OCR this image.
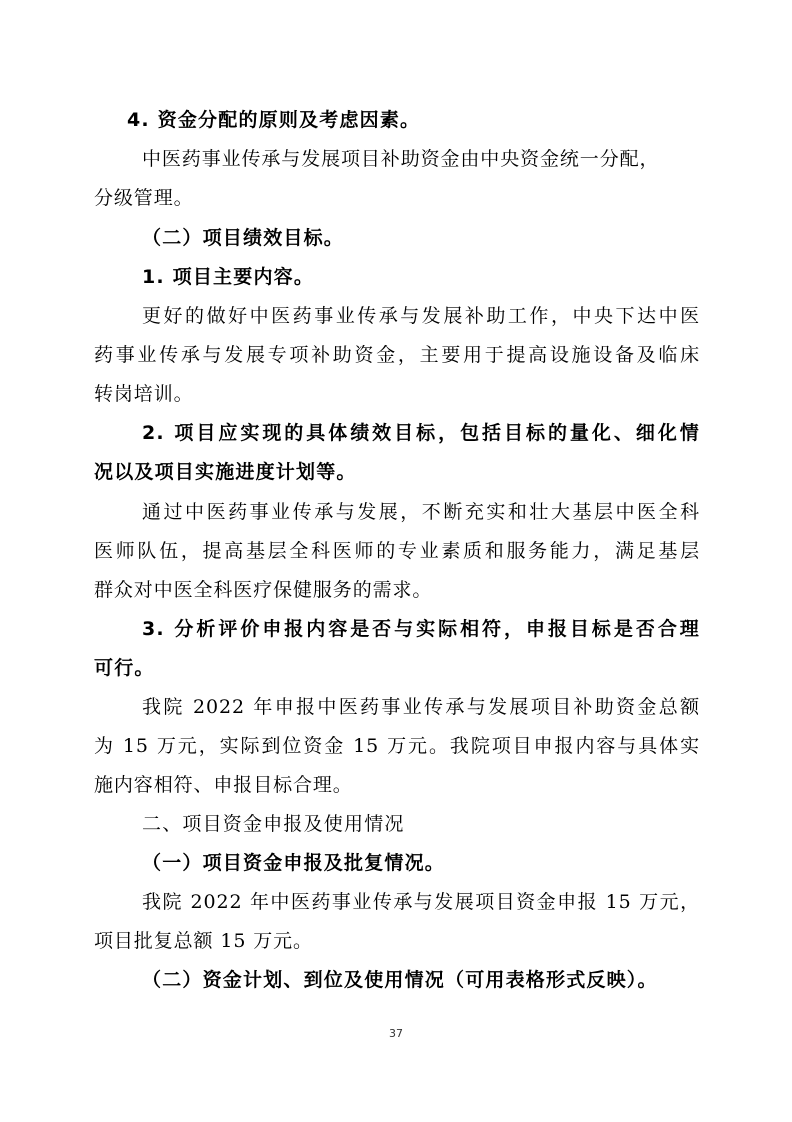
4. 资金分配的原则及考虑因素。
中医药事业传承与发展项目补助资金由中央资金统一分配，
分级管理。
（二）项目绩效目标。
1. 项目主要内容。
更好的做好中医药事业传承与发展补助工作，中央下达中医
药事业传承与发展专项补助资金，主要用于提高设施设备及临床
转岗培训。
2. 项目应实现的具体绩效目标，包括目标的量化、细化情
况以及项目实施进度计划等。
通过中医药事业传承与发展，不断充实和壮大基层中医全科
医师队伍，提高基层全科医师的专业素质和服务能力，满足基层
群众对中医全科医疗保健服务的需求。
3. 分析评价申报内容是否与实际相符，申报目标是否合理
可行。
我院 2022 年申报中医药事业传承与发展项目补助资金总额
为 15 万元，实际到位资金 15 万元。我院项目申报内容与具体实
施内容相符、申报目标合理。
二、项目资金申报及使用情况
（一）项目资金申报及批复情况。
我院 2022 年中医药事业传承与发展项目资金申报 15 万元，
项目批复总额 15 万元。
（二）资金计划、到位及使用情况（可用表格形式反映）。
37
